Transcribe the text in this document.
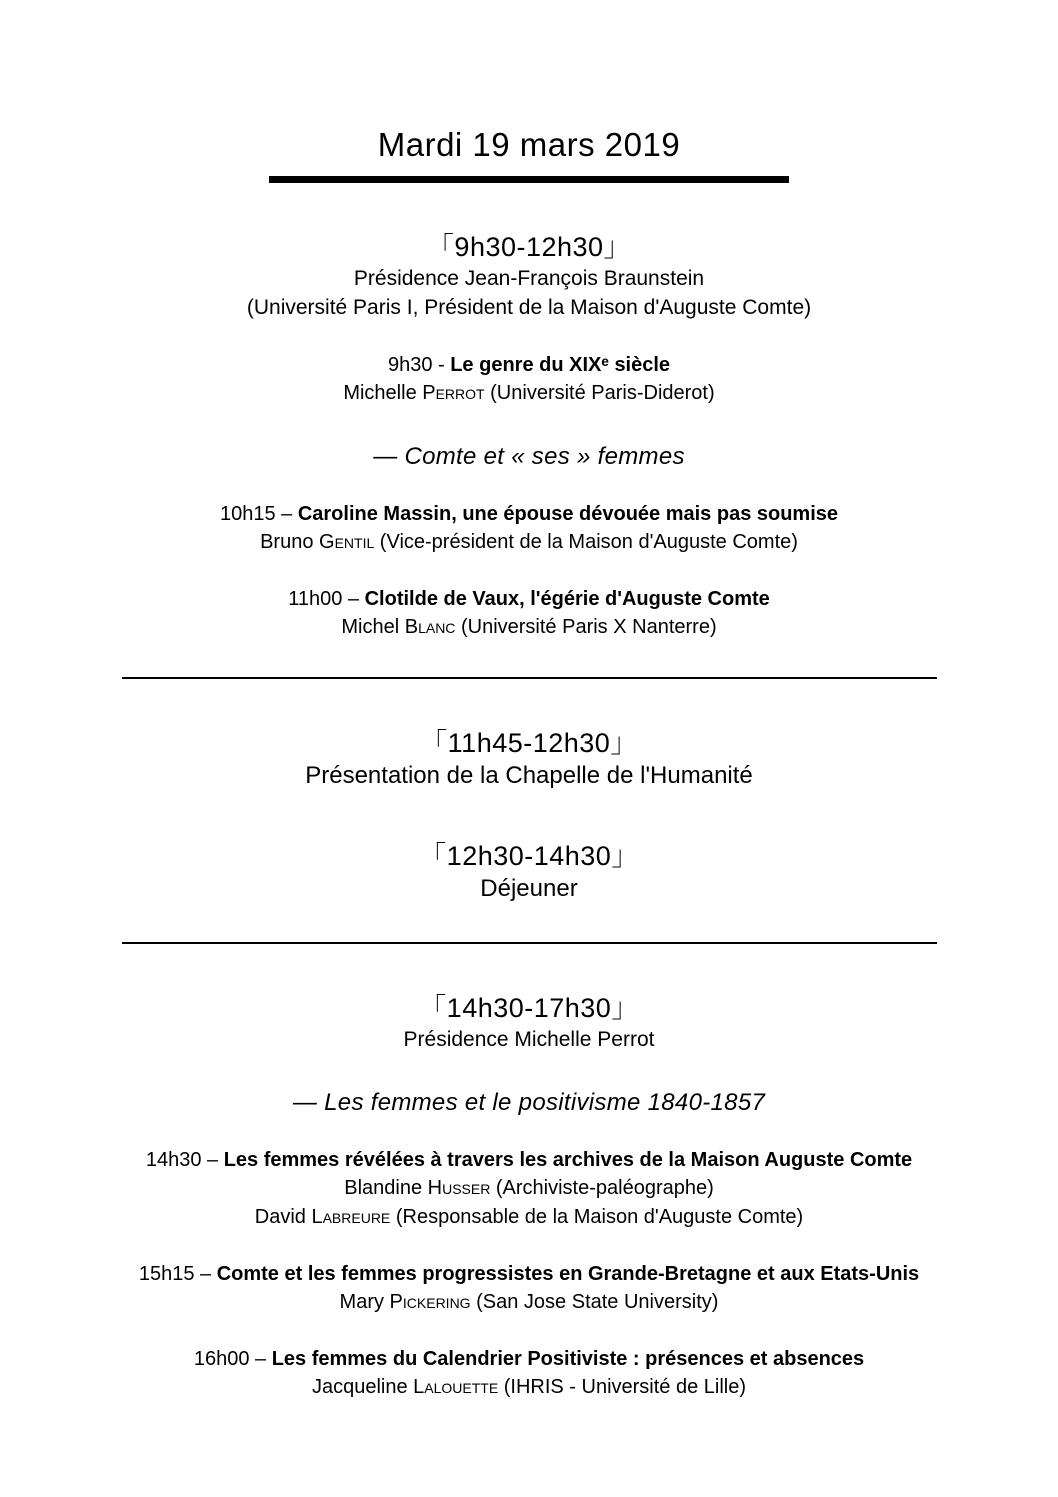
Mardi 19 mars 2019
「9h30-12h30」
Présidence Jean-François Braunstein
(Université Paris I, Président de la Maison d'Auguste Comte)
9h30 - Le genre du XIXᵉ siècle
Michelle Perrot (Université Paris-Diderot)
— Comte et « ses » femmes
10h15 – Caroline Massin, une épouse dévouée mais pas soumise
Bruno Gentil (Vice-président de la Maison d'Auguste Comte)
11h00 – Clotilde de Vaux, l'égérie d'Auguste Comte
Michel Blanc (Université Paris X Nanterre)
「11h45-12h30」
Présentation de la Chapelle de l'Humanité
「12h30-14h30」
Déjeuner
「14h30-17h30」
Présidence Michelle Perrot
— Les femmes et le positivisme 1840-1857
14h30 – Les femmes révélées à travers les archives de la Maison Auguste Comte
Blandine Husser (Archiviste-paléographe)
David Labreure (Responsable de la Maison d'Auguste Comte)
15h15 – Comte et les femmes progressistes en Grande-Bretagne et aux Etats-Unis
Mary Pickering (San Jose State University)
16h00 – Les femmes du Calendrier Positiviste : présences et absences
Jacqueline Lalouette (IHRIS - Université de Lille)
